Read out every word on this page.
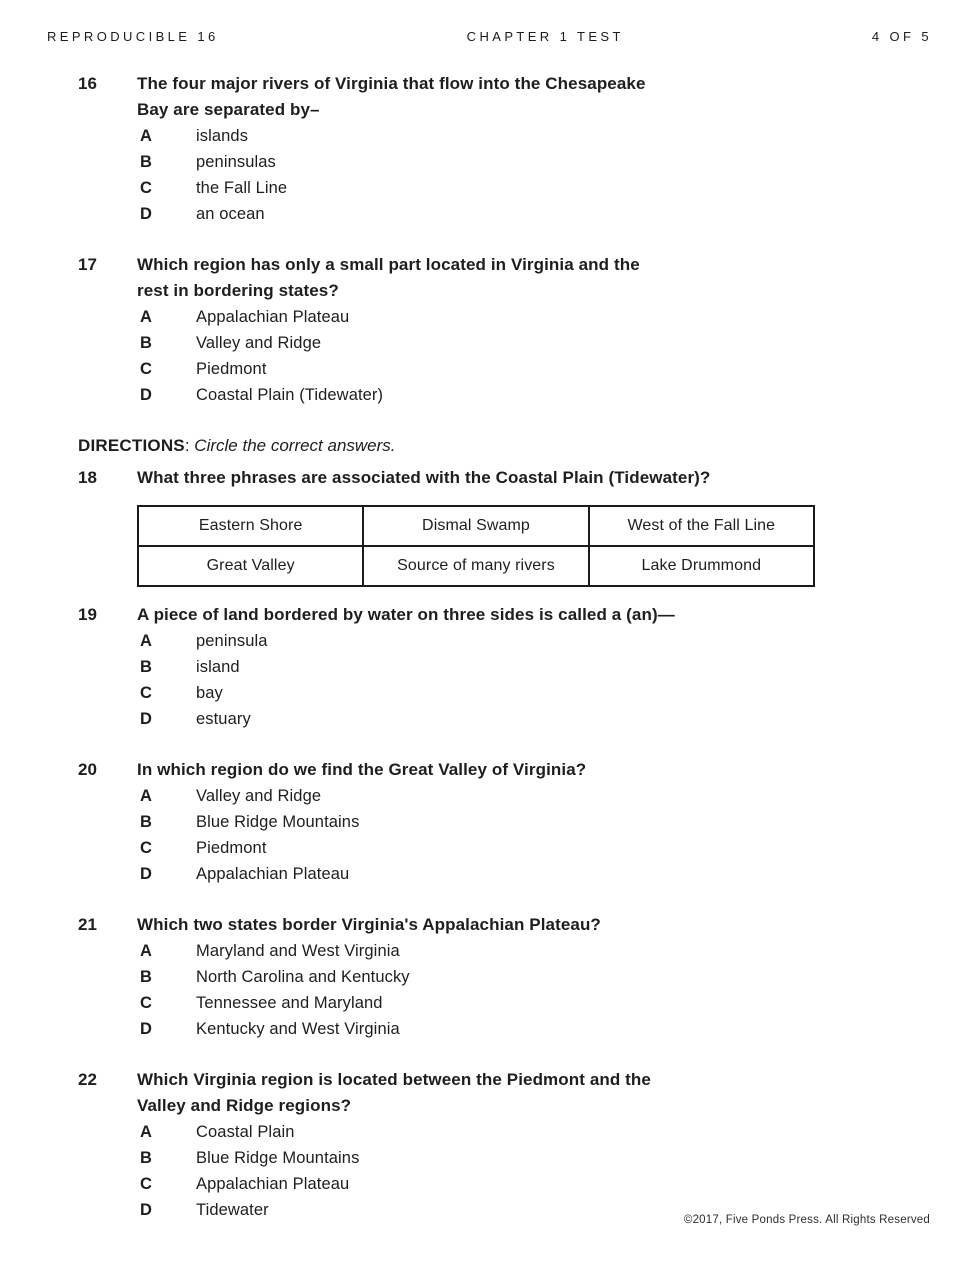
REPRODUCIBLE 16	CHAPTER 1 TEST	4 OF 5
16	The four major rivers of Virginia that flow into the Chesapeake
Bay are separated by–
A	islands
B	peninsulas
C	the Fall Line
D	an ocean
17	Which region has only a small part located in Virginia and the
rest in bordering states?
A	Appalachian Plateau
B	Valley and Ridge
C	Piedmont
D	Coastal Plain (Tidewater)
DIRECTIONS: Circle the correct answers.
18	What three phrases are associated with the Coastal Plain (Tidewater)?
Eastern Shore	Dismal Swamp	West of the Fall Line
Great Valley	Source of many rivers	Lake Drummond
19	A piece of land bordered by water on three sides is called a (an)—
A	peninsula
B	island
C	bay
D	estuary
20	In which region do we find the Great Valley of Virginia?
A	Valley and Ridge
B	Blue Ridge Mountains
C	Piedmont
D	Appalachian Plateau
21	Which two states border Virginia's Appalachian Plateau?
A	Maryland and West Virginia
B	North Carolina and Kentucky
C	Tennessee and Maryland
D	Kentucky and West Virginia
22	Which Virginia region is located between the Piedmont and the
Valley and Ridge regions?
A	Coastal Plain
B	Blue Ridge Mountains
C	Appalachian Plateau
D	Tidewater
©2017, Five Ponds Press. All Rights Reserved
